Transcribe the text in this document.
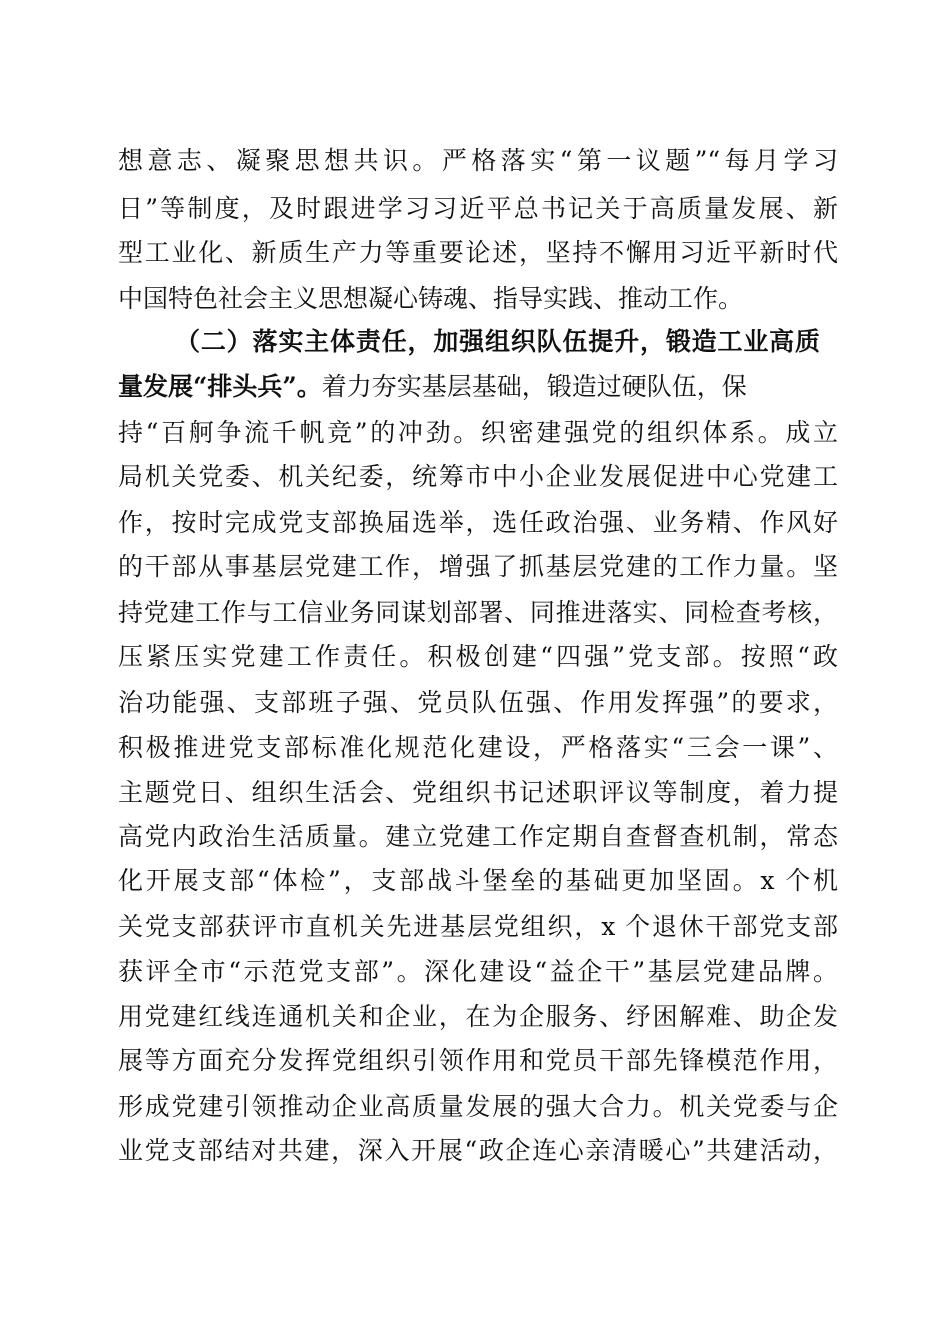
想意志、凝聚思想共识。严格落实“第一议题”“每月学习
日”等制度，及时跟进学习习近平总书记关于高质量发展、新
型工业化、新质生产力等重要论述，坚持不懈用习近平新时代
中国特色社会主义思想凝心铸魂、指导实践、推动工作。
（二）落实主体责任，加强组织队伍提升，锻造工业高质
量发展“排头兵”。着力夯实基层基础，锻造过硬队伍，保
持“百舸争流千帆竞”的冲劲。织密建强党的组织体系。成立
局机关党委、机关纪委，统筹市中小企业发展促进中心党建工
作，按时完成党支部换届选举，选任政治强、业务精、作风好
的干部从事基层党建工作，增强了抓基层党建的工作力量。坚
持党建工作与工信业务同谋划部署、同推进落实、同检查考核，
压紧压实党建工作责任。积极创建“四强”党支部。按照“政
治功能强、支部班子强、党员队伍强、作用发挥强”的要求，
积极推进党支部标准化规范化建设，严格落实“三会一课”、
主题党日、组织生活会、党组织书记述职评议等制度，着力提
高党内政治生活质量。建立党建工作定期自查督查机制，常态
化开展支部“体检”，支部战斗堡垒的基础更加坚固。x 个机
关党支部获评市直机关先进基层党组织，x 个退休干部党支部
获评全市“示范党支部”。深化建设“益企干”基层党建品牌。
用党建红线连通机关和企业，在为企服务、纾困解难、助企发
展等方面充分发挥党组织引领作用和党员干部先锋模范作用，
形成党建引领推动企业高质量发展的强大合力。机关党委与企
业党支部结对共建，深入开展“政企连心亲清暖心”共建活动，
